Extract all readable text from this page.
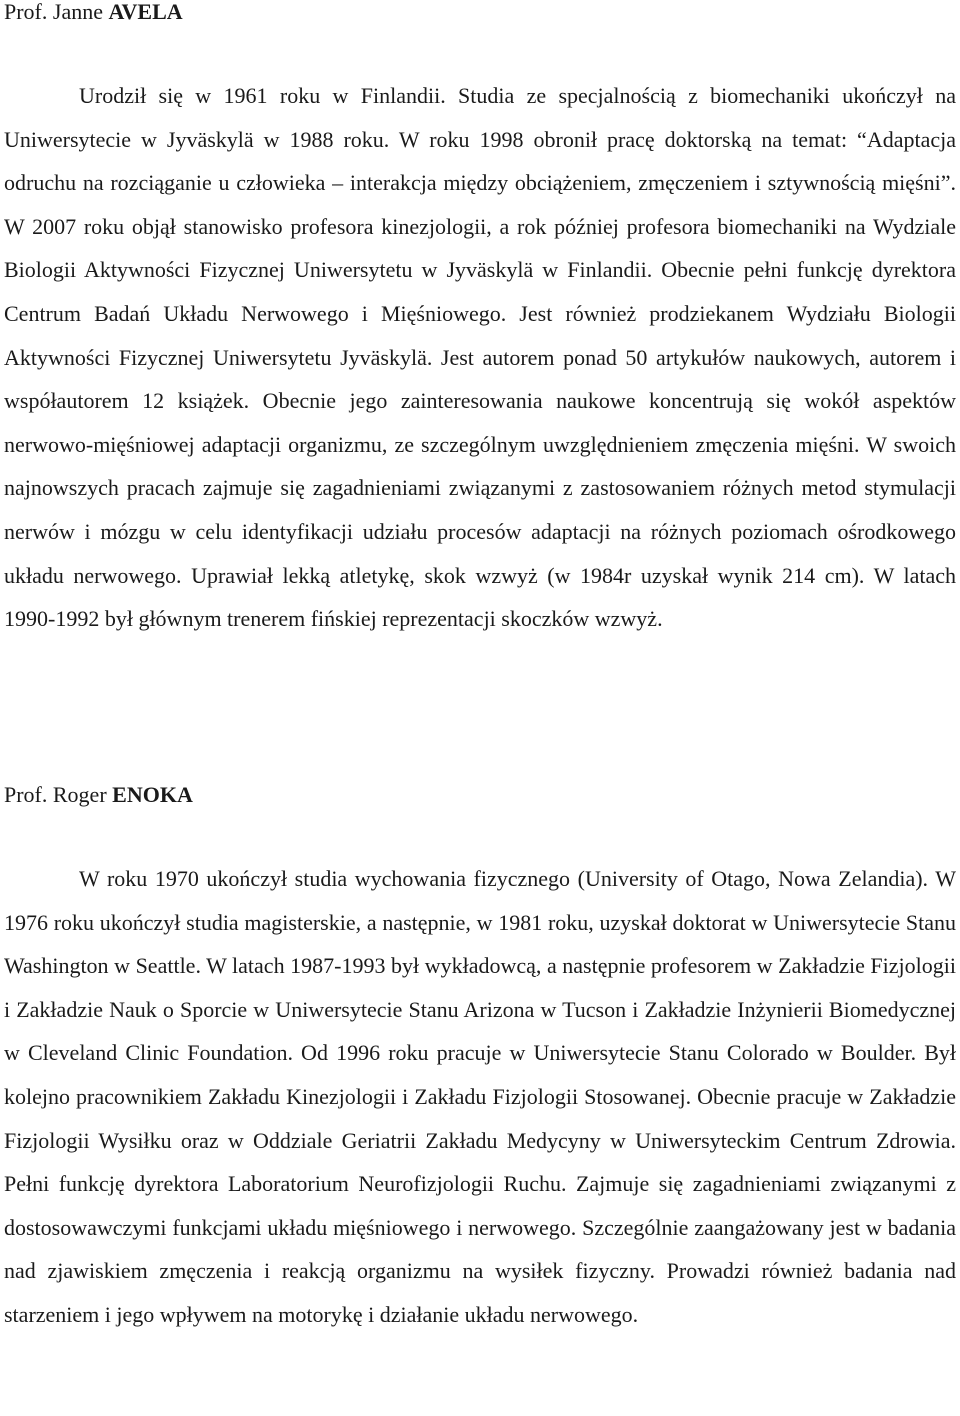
Prof. Janne AVELA

Urodził się w 1961 roku w Finlandii. Studia ze specjalnością z biomechaniki ukończył na Uniwersytecie w Jyväskylä w 1988 roku. W roku 1998 obronił pracę doktorską na temat: “Adaptacja odruchu na rozciąganie u człowieka – interakcja między obciążeniem, zmęczeniem i sztywnością mięśni”. W 2007 roku objął stanowisko profesora kinezjologii, a rok później profesora biomechaniki na Wydziale Biologii Aktywności Fizycznej Uniwersytetu w Jyväskylä w Finlandii. Obecnie pełni funkcję dyrektora Centrum Badań Układu Nerwowego i Mięśniowego. Jest również prodziekanem Wydziału Biologii Aktywności Fizycznej Uniwersytetu Jyväskylä. Jest autorem ponad 50 artykułów naukowych, autorem i współautorem 12 książek. Obecnie jego zainteresowania naukowe koncentrują się wokół aspektów nerwowo-mięśniowej adaptacji organizmu, ze szczególnym uwzględnieniem zmęczenia mięśni. W swoich najnowszych pracach zajmuje się zagadnieniami związanymi z zastosowaniem różnych metod stymulacji nerwów i mózgu w celu identyfikacji udziału procesów adaptacji na różnych poziomach ośrodkowego układu nerwowego. Uprawiał lekką atletykę, skok wzwyż (w 1984r uzyskał wynik 214 cm). W latach 1990-1992 był głównym trenerem fińskiej reprezentacji skoczków wzwyż.

Prof. Roger ENOKA

W roku 1970 ukończył studia wychowania fizycznego (University of Otago, Nowa Zelandia). W 1976 roku ukończył studia magisterskie, a następnie, w 1981 roku, uzyskał doktorat w Uniwersytecie Stanu Washington w Seattle. W latach 1987-1993 był wykładowcą, a następnie profesorem w Zakładzie Fizjologii i Zakładzie Nauk o Sporcie w Uniwersytecie Stanu Arizona w Tucson i Zakładzie Inżynierii Biomedycznej w Cleveland Clinic Foundation. Od 1996 roku pracuje w Uniwersytecie Stanu Colorado w Boulder. Był kolejno pracownikiem Zakładu Kinezjologii i Zakładu Fizjologii Stosowanej. Obecnie pracuje w Zakładzie Fizjologii Wysiłku oraz w Oddziale Geriatrii Zakładu Medycyny w Uniwersyteckim Centrum Zdrowia. Pełni funkcję dyrektora Laboratorium Neurofizjologii Ruchu. Zajmuje się zagadnieniami związanymi z dostosowawczymi funkcjami układu mięśniowego i nerwowego. Szczególnie zaangażowany jest w badania nad zjawiskiem zmęczenia i reakcją organizmu na wysiłek fizyczny. Prowadzi również badania nad starzeniem i jego wpływem na motorykę i działanie układu nerwowego.
